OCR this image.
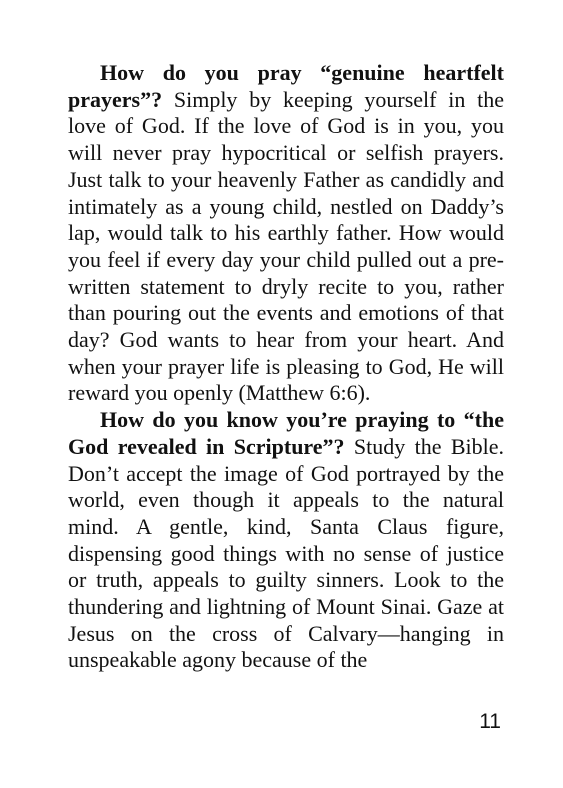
How do you pray “genuine heartfelt prayers”? Simply by keeping yourself in the love of God. If the love of God is in you, you will never pray hypocritical or selfish prayers. Just talk to your heavenly Father as candidly and intimately as a young child, nestled on Daddy’s lap, would talk to his earthly father. How would you feel if every day your child pulled out a pre-written statement to dryly recite to you, rather than pouring out the events and emotions of that day? God wants to hear from your heart. And when your prayer life is pleasing to God, He will reward you openly (Matthew 6:6).

How do you know you’re praying to “the God revealed in Scripture”? Study the Bible. Don’t accept the image of God portrayed by the world, even though it appeals to the natural mind. A gentle, kind, Santa Claus figure, dispensing good things with no sense of justice or truth, appeals to guilty sinners. Look to the thundering and lightning of Mount Sinai. Gaze at Jesus on the cross of Calvary—hanging in unspeakable agony because of the

11
